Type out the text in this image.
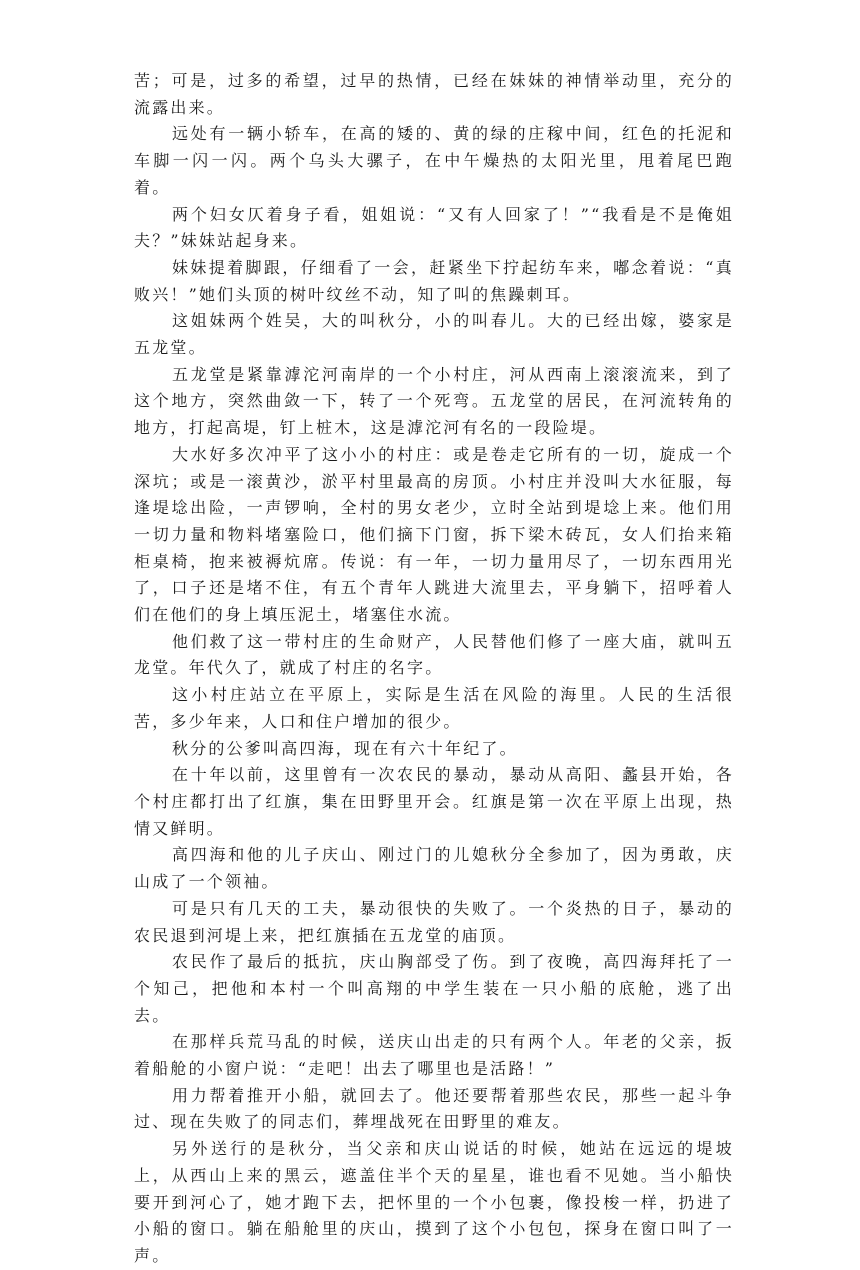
苦；可是，过多的希望，过早的热情，已经在妹妹的神情举动里，充分的流露出来。

远处有一辆小轿车，在高的矮的、黄的绿的庄稼中间，红色的托泥和车脚一闪一闪。两个乌头大骡子，在中午燥热的太阳光里，甩着尾巴跑着。

两个妇女仄着身子看，姐姐说：“又有人回家了！”“我看是不是俺姐夫？”妹妹站起身来。

妹妹提着脚跟，仔细看了一会，赶紧坐下拧起纺车来，嘟念着说：“真败兴！”她们头顶的树叶纹丝不动，知了叫的焦躁刺耳。

这姐妹两个姓吴，大的叫秋分，小的叫春儿。大的已经出嫁，婆家是五龙堂。

五龙堂是紧靠滹沱河南岸的一个小村庄，河从西南上滚滚流来，到了这个地方，突然曲敛一下，转了一个死弯。五龙堂的居民，在河流转角的地方，打起高堤，钉上桩木，这是滹沱河有名的一段险堤。

大水好多次冲平了这小小的村庄：或是卷走它所有的一切，旋成一个深坑；或是一滚黄沙，淤平村里最高的房顶。小村庄并没叫大水征服，每逢堤埝出险，一声锣响，全村的男女老少，立时全站到堤埝上来。他们用一切力量和物料堵塞险口，他们摘下门窗，拆下梁木砖瓦，女人们抬来箱柜桌椅，抱来被褥炕席。传说：有一年，一切力量用尽了，一切东西用光了，口子还是堵不住，有五个青年人跳进大流里去，平身躺下，招呼着人们在他们的身上填压泥土，堵塞住水流。

他们救了这一带村庄的生命财产，人民替他们修了一座大庙，就叫五龙堂。年代久了，就成了村庄的名字。

这小村庄站立在平原上，实际是生活在风险的海里。人民的生活很苦，多少年来，人口和住户增加的很少。

秋分的公爹叫高四海，现在有六十年纪了。

在十年以前，这里曾有一次农民的暴动，暴动从高阳、蠡县开始，各个村庄都打出了红旗，集在田野里开会。红旗是第一次在平原上出现，热情又鲜明。

高四海和他的儿子庆山、刚过门的儿媳秋分全参加了，因为勇敢，庆山成了一个领袖。

可是只有几天的工夫，暴动很快的失败了。一个炎热的日子，暴动的农民退到河堤上来，把红旗插在五龙堂的庙顶。

农民作了最后的抵抗，庆山胸部受了伤。到了夜晚，高四海拜托了一个知己，把他和本村一个叫高翔的中学生装在一只小船的底舱，逃了出去。

在那样兵荒马乱的时候，送庆山出走的只有两个人。年老的父亲，扳着船舱的小窗户说：“走吧！出去了哪里也是活路！”

用力帮着推开小船，就回去了。他还要帮着那些农民，那些一起斗争过、现在失败了的同志们，葬埋战死在田野里的难友。

另外送行的是秋分，当父亲和庆山说话的时候，她站在远远的堤坡上，从西山上来的黑云，遮盖住半个天的星星，谁也看不见她。当小船快要开到河心了，她才跑下去，把怀里的一个小包裹，像投梭一样，扔进了小船的窗口。躺在船舱里的庆山，摸到了这个小包包，探身在窗口叫了一声。
